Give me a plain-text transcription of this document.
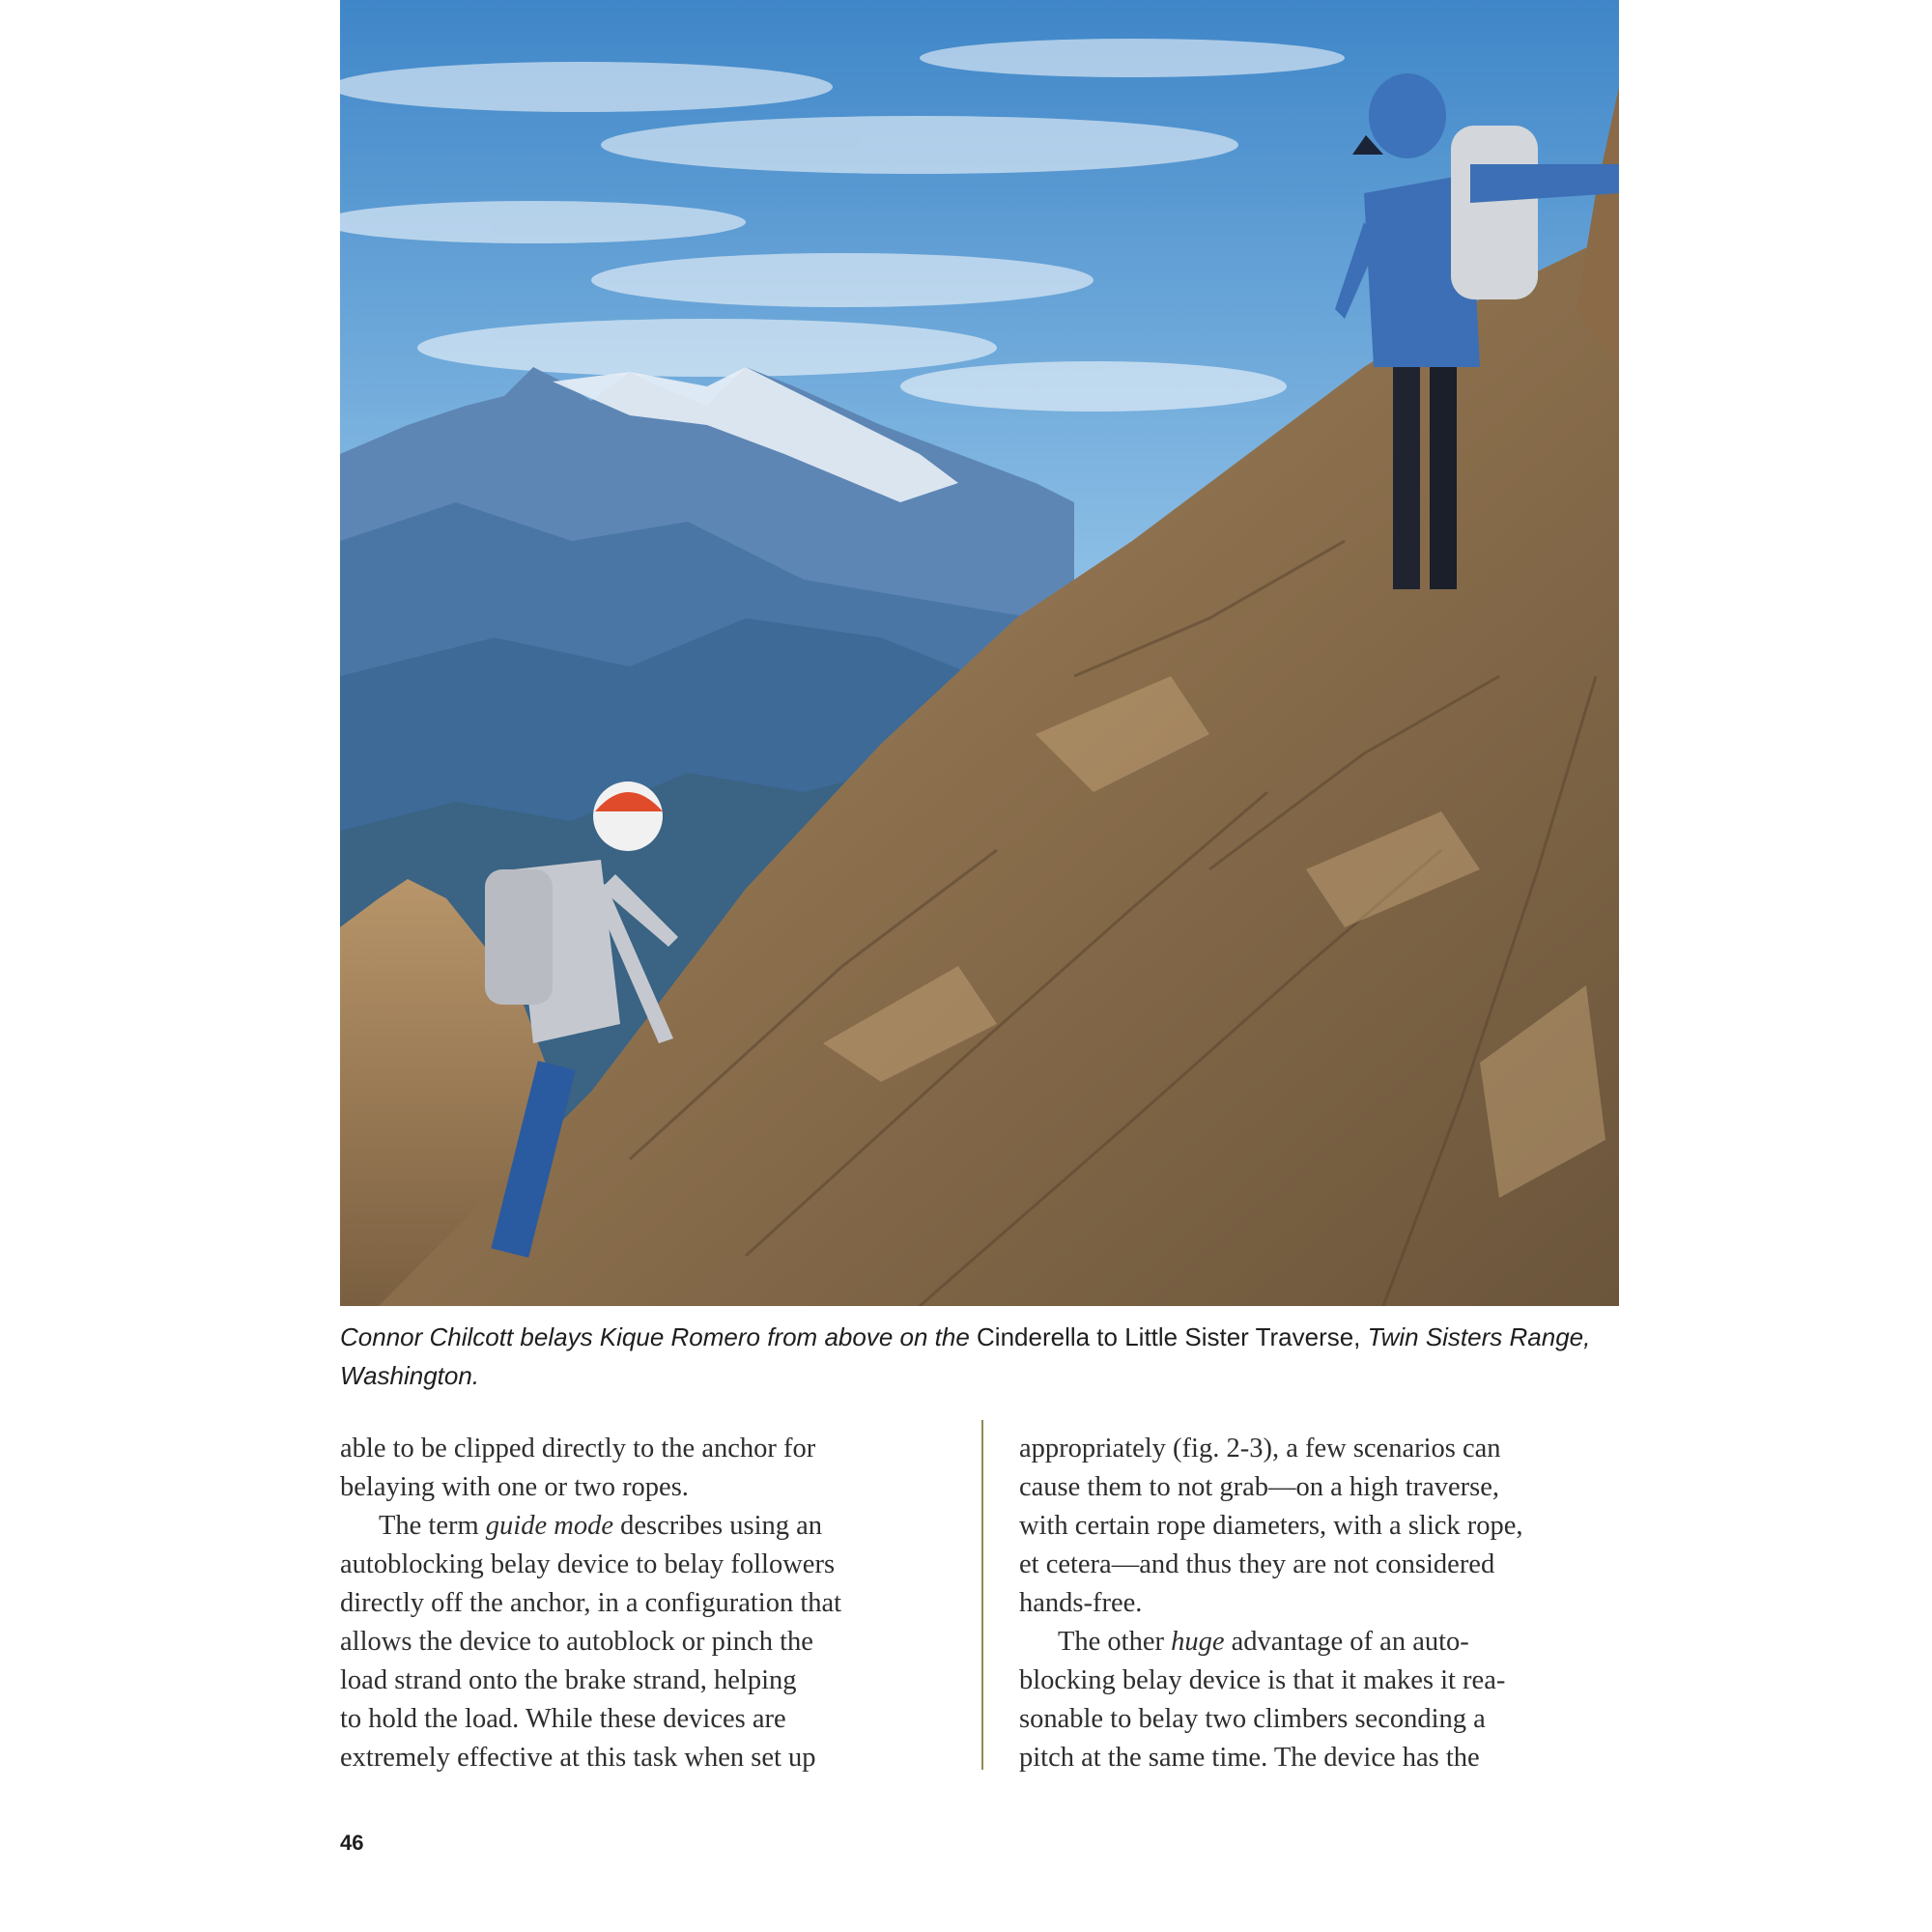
Connor Chilcott belays Kique Romero from above on the Cinderella to Little Sister Traverse, Twin Sisters Range, Washington.

able to be clipped directly to the anchor for
belaying with one or two ropes.

The term guide mode describes using an
autoblocking belay device to belay followers
directly off the anchor, in a configuration that
allows the device to autoblock or pinch the
load strand onto the brake strand, helping
to hold the load. While these devices are
extremely effective at this task when set up

appropriately (fig. 2-3), a few scenarios can
cause them to not grab—on a high traverse,
with certain rope diameters, with a slick rope,
et cetera—and thus they are not considered
hands-free.

The other huge advantage of an auto-
blocking belay device is that it makes it rea-
sonable to belay two climbers seconding a
pitch at the same time. The device has the

46
